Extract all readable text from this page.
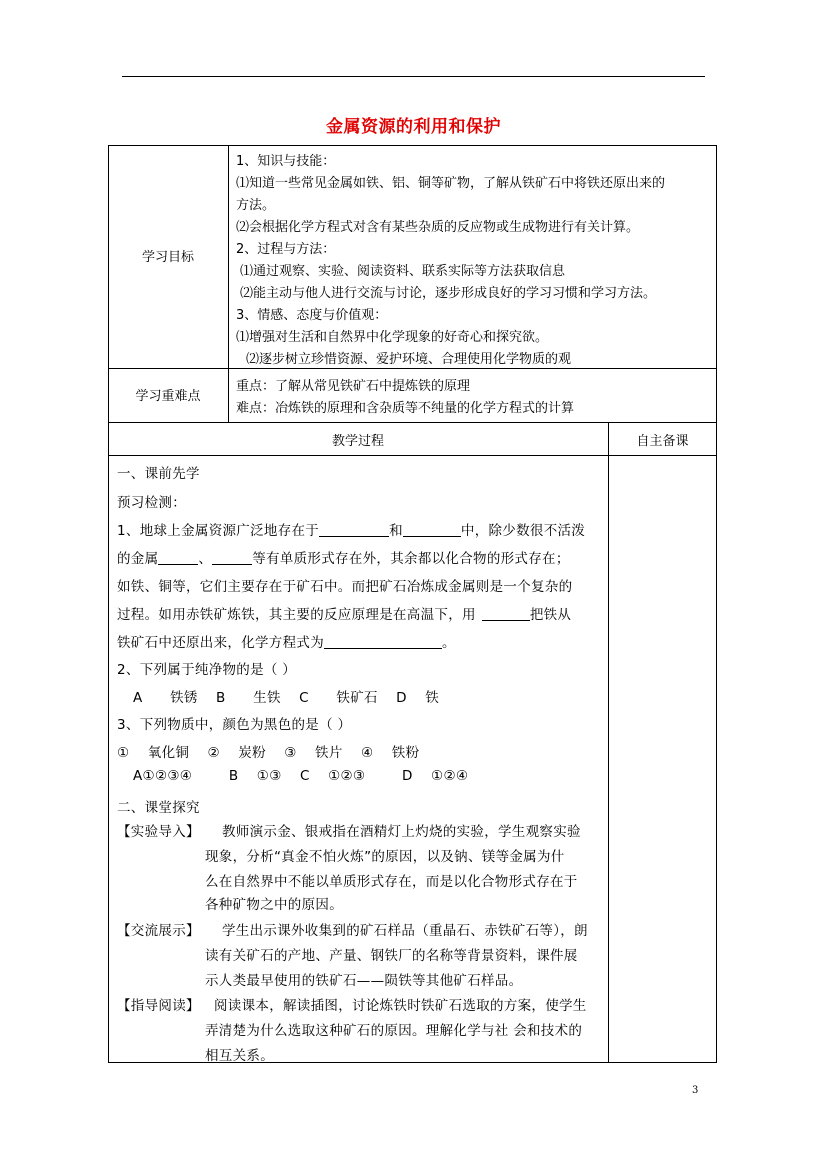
金属资源的利用和保护
学习目标
1、知识与技能：
⑴知道一些常见金属如铁、铝、铜等矿物，了解从铁矿石中将铁还原出来的
方法。
⑵会根据化学方程式对含有某些杂质的反应物或生成物进行有关计算。
2、过程与方法：
⑴通过观察、实验、阅读资料、联系实际等方法获取信息
⑵能主动与他人进行交流与讨论，逐步形成良好的学习习惯和学习方法。
3、情感、态度与价值观：
⑴增强对生活和自然界中化学现象的好奇心和探究欲。
⑵逐步树立珍惜资源、爱护环境、合理使用化学物质的观
学习重难点
重点：了解从常见铁矿石中提炼铁的原理
难点：冶炼铁的原理和含杂质等不纯量的化学方程式的计算
教学过程	自主备课
一、课前先学
预习检测：
1、地球上金属资源广泛地存在于	和	中，除少数很不活泼
的金属	、	等有单质形式存在外，其余都以化合物的形式存在；
如铁、铜等，它们主要存在于矿石中。而把矿石冶炼成金属则是一个复杂的
过程。如用赤铁矿炼铁，其主要的反应原理是在高温下，用	把铁从
铁矿石中还原出来，化学方程式为	。
2、下列属于纯净物的是（ ）
A      铁锈    B      生铁    C      铁矿石    D    铁
3、下列物质中，颜色为黑色的是（ ）
①    氧化铜    ②    炭粉    ③    铁片    ④    铁粉
A①②③④        B    ①③    C    ①②③        D    ①②④
二、课堂探究
【实验导入】 教师演示金、银戒指在酒精灯上灼烧的实验，学生观察实验
现象，分析“真金不怕火炼”的原因，以及钠、镁等金属为什
么在自然界中不能以单质形式存在，而是以化合物形式存在于
各种矿物之中的原因。
【交流展示】 学生出示课外收集到的矿石样品（重晶石、赤铁矿石等），朗
读有关矿石的产地、产量、钢铁厂的名称等背景资料，课件展
示人类最早使用的铁矿石——陨铁等其他矿石样品。
【指导阅读】 阅读课本，解读插图，讨论炼铁时铁矿石选取的方案，使学生
弄清楚为什么选取这种矿石的原因。理解化学与社 会和技术的
相互关系。
3
